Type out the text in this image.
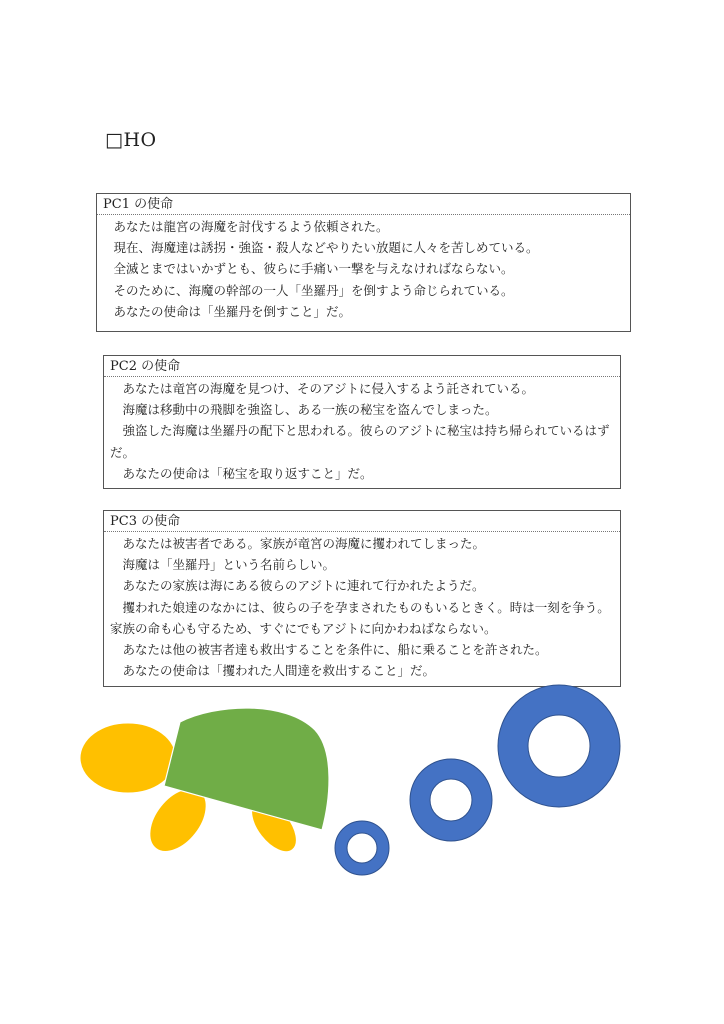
□HO
PC1 の使命

あなたは龍宮の海魔を討伐するよう依頼された。

現在、海魔達は誘拐・強盗・殺人などやりたい放題に人々を苦しめている。

全滅とまではいかずとも、彼らに手痛い一撃を与えなければならない。

そのために、海魔の幹部の一人「坐羅丹」を倒すよう命じられている。

あなたの使命は「坐羅丹を倒すこと」だ。

PC2 の使命

あなたは竜宮の海魔を見つけ、そのアジトに侵入するよう託されている。

海魔は移動中の飛脚を強盗し、ある一族の秘宝を盗んでしまった。

強盗した海魔は坐羅丹の配下と思われる。彼らのアジトに秘宝は持ち帰られているはずだ。

あなたの使命は「秘宝を取り返すこと」だ。

PC3 の使命

あなたは被害者である。家族が竜宮の海魔に攫われてしまった。

海魔は「坐羅丹」という名前らしい。

あなたの家族は海にある彼らのアジトに連れて行かれたようだ。

攫われた娘達のなかには、彼らの子を孕まされたものもいるときく。時は一刻を争う。家族の命も心も守るため、すぐにでもアジトに向かわねばならない。

あなたは他の被害者達も救出することを条件に、船に乗ることを許された。

あなたの使命は「攫われた人間達を救出すること」だ。
